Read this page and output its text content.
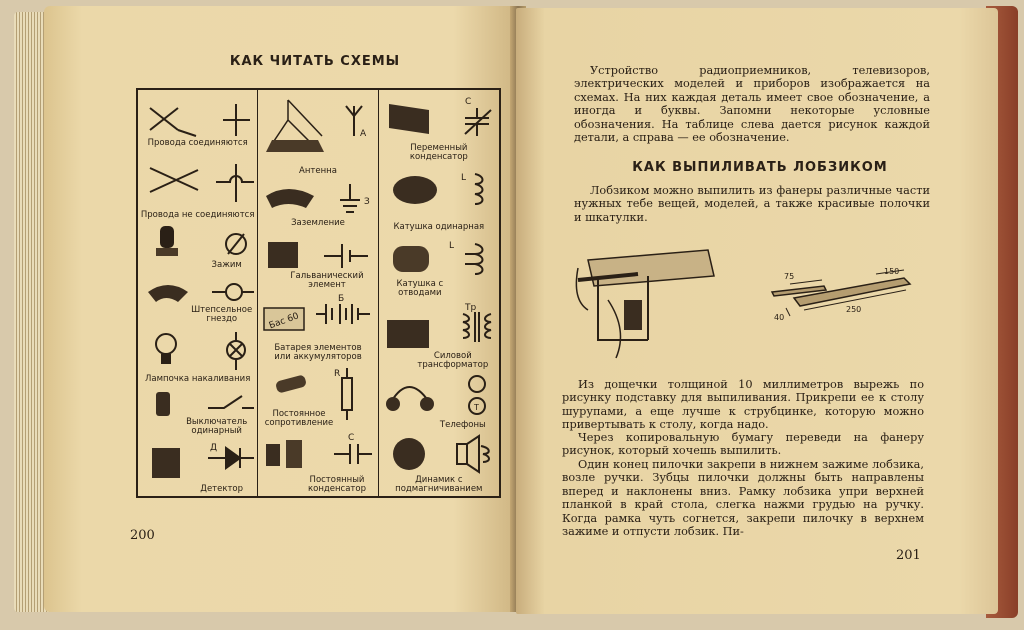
КАК ЧИТАТЬ СХЕМЫ
Провода соединяются
Провода не соединяются
Зажим
Штепсельное гнездо
Лампочка накаливания
Выключатель одинарный
Д
Детектор
А
Антенна
З
Заземление
Гальванический элемент
Бас 60
Б
Батарея элементов или аккумуляторов
R
Постоянное сопротивление
C
Постоянный конденсатор
C
Переменный конденсатор
L
Катушка одинарная
L
Катушка с отводами
Тр
Силовой трансформатор
T
Телефоны
Динамик с подмагничиванием
200
Устройство радиоприемников, телевизоров, электрических моделей и приборов изображается на схемах. На них каждая деталь имеет свое обозначение, а иногда и буквы. Запомни некоторые условные обозначения. На таблице слева дается рисунок каждой детали, а справа — ее обозначение.
КАК ВЫПИЛИВАТЬ ЛОБЗИКОМ
Лобзиком можно выпилить из фанеры различные части нужных тебе вещей, моделей, а также красивые полочки и шкатулки.
75
150
40
250
Из дощечки толщиной 10 миллиметров вырежь по рисунку подставку для выпиливания. Прикрепи ее к столу шурупами, а еще лучше к струбцинке, которую можно привертывать к столу, когда надо.
Через копировальную бумагу переведи на фанеру рисунок, который хочешь выпилить.
Один конец пилочки закрепи в нижнем зажиме лобзика, возле ручки. Зубцы пилочки должны быть направлены вперед и наклонены вниз. Рамку лобзика упри верхней планкой в край стола, слегка нажми грудью на ручку. Когда рамка чуть согнется, закрепи пилочку в верхнем зажиме и отпусти лобзик. Пи-
201
